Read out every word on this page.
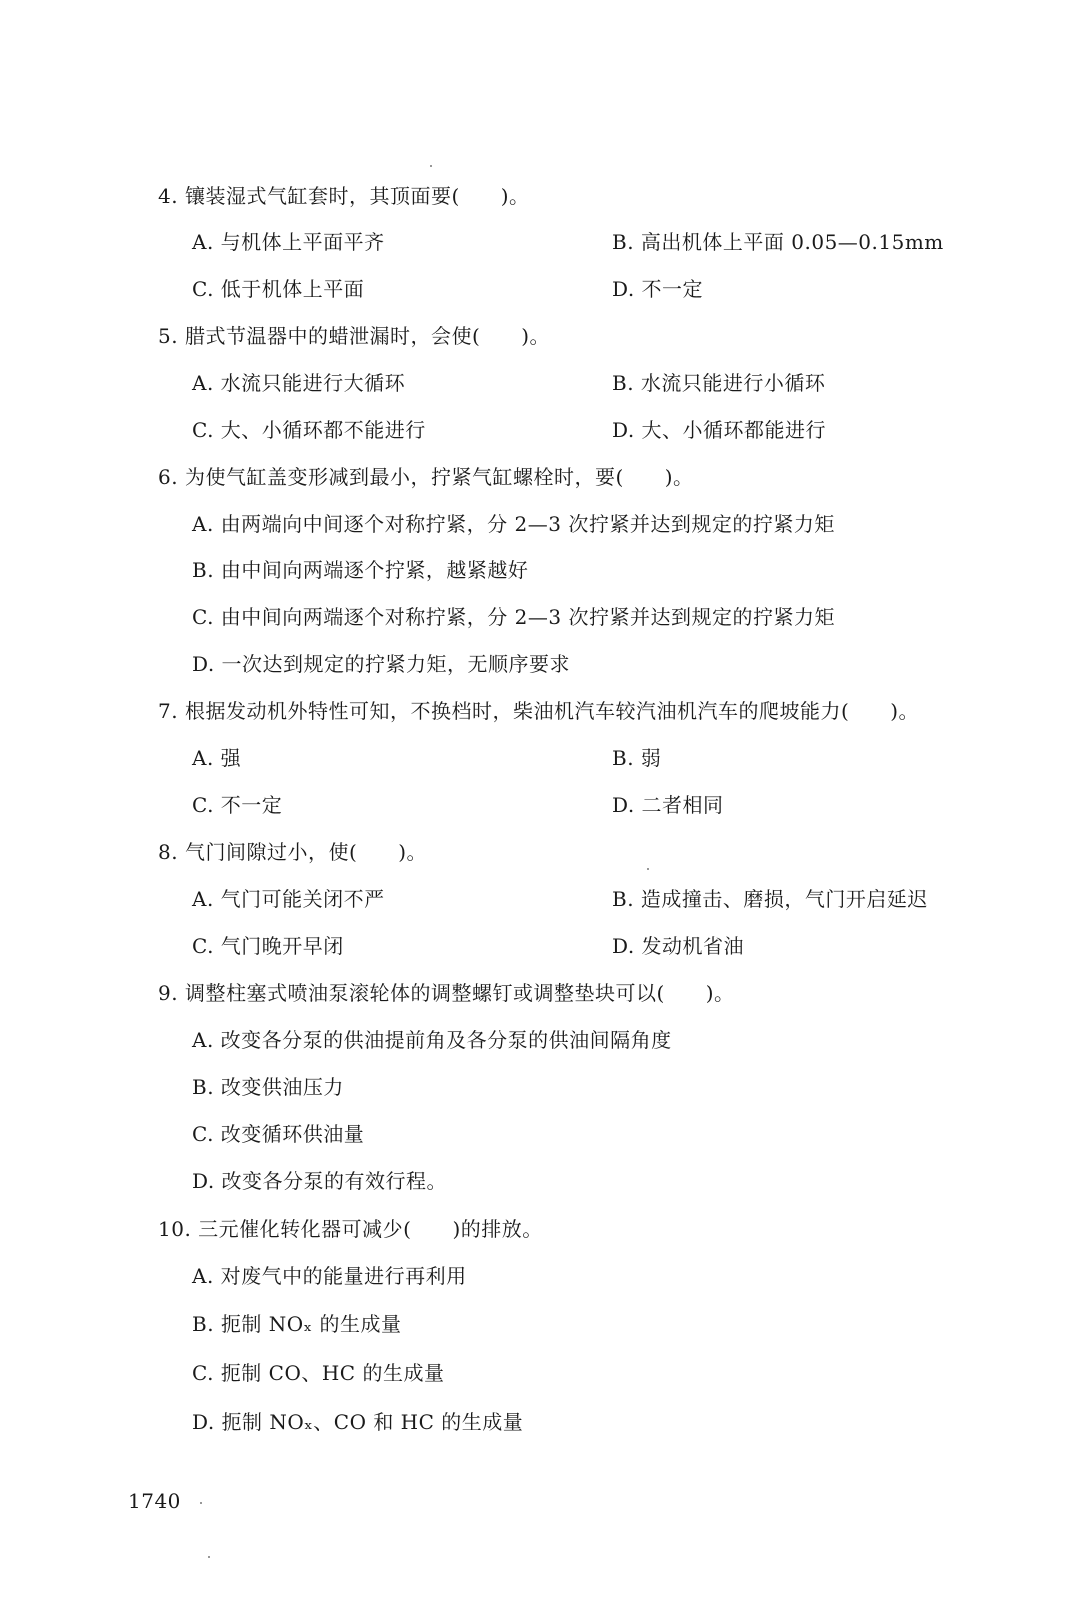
4. 镶装湿式气缸套时，其顶面要(　　)。
A. 与机体上平面平齐	B. 高出机体上平面 0.05—0.15mm
C. 低于机体上平面	D. 不一定
5. 腊式节温器中的蜡泄漏时，会使(　　)。
A. 水流只能进行大循环	B. 水流只能进行小循环
C. 大、小循环都不能进行	D. 大、小循环都能进行
6. 为使气缸盖变形减到最小，拧紧气缸螺栓时，要(　　)。
A. 由两端向中间逐个对称拧紧，分 2—3 次拧紧并达到规定的拧紧力矩
B. 由中间向两端逐个拧紧，越紧越好
C. 由中间向两端逐个对称拧紧，分 2—3 次拧紧并达到规定的拧紧力矩
D. 一次达到规定的拧紧力矩，无顺序要求
7. 根据发动机外特性可知，不换档时，柴油机汽车较汽油机汽车的爬坡能力(　　)。
A. 强	B. 弱
C. 不一定	D. 二者相同
8. 气门间隙过小，使(　　)。
A. 气门可能关闭不严	B. 造成撞击、磨损，气门开启延迟
C. 气门晚开早闭	D. 发动机省油
9. 调整柱塞式喷油泵滚轮体的调整螺钉或调整垫块可以(　　)。
A. 改变各分泵的供油提前角及各分泵的供油间隔角度
B. 改变供油压力
C. 改变循环供油量
D. 改变各分泵的有效行程。
10. 三元催化转化器可减少(　　)的排放。
A. 对废气中的能量进行再利用
B. 扼制 NOₓ 的生成量
C. 扼制 CO、HC 的生成量
D. 扼制 NOₓ、CO 和 HC 的生成量
1740
